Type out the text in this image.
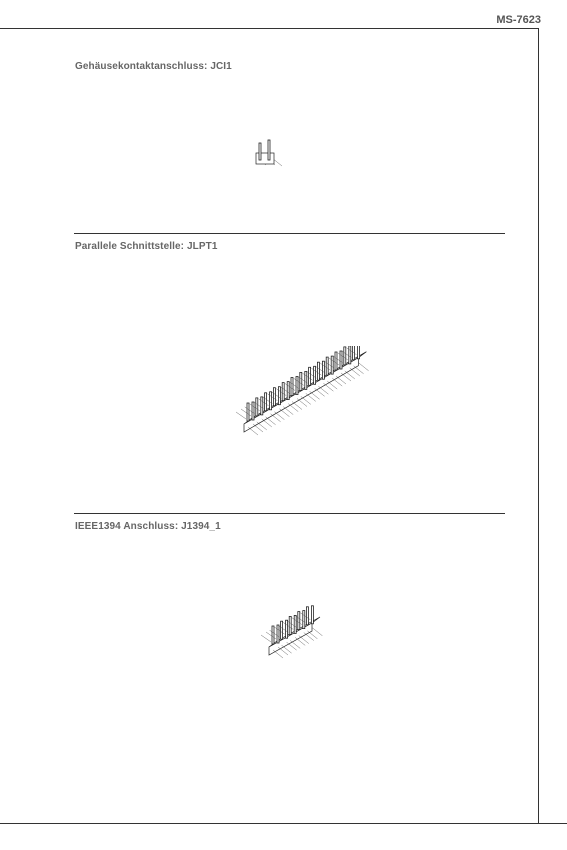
MS-7623
Gehäusekontaktanschluss: JCI1
Parallele Schnittstelle: JLPT1
IEEE1394 Anschluss: J1394_1
